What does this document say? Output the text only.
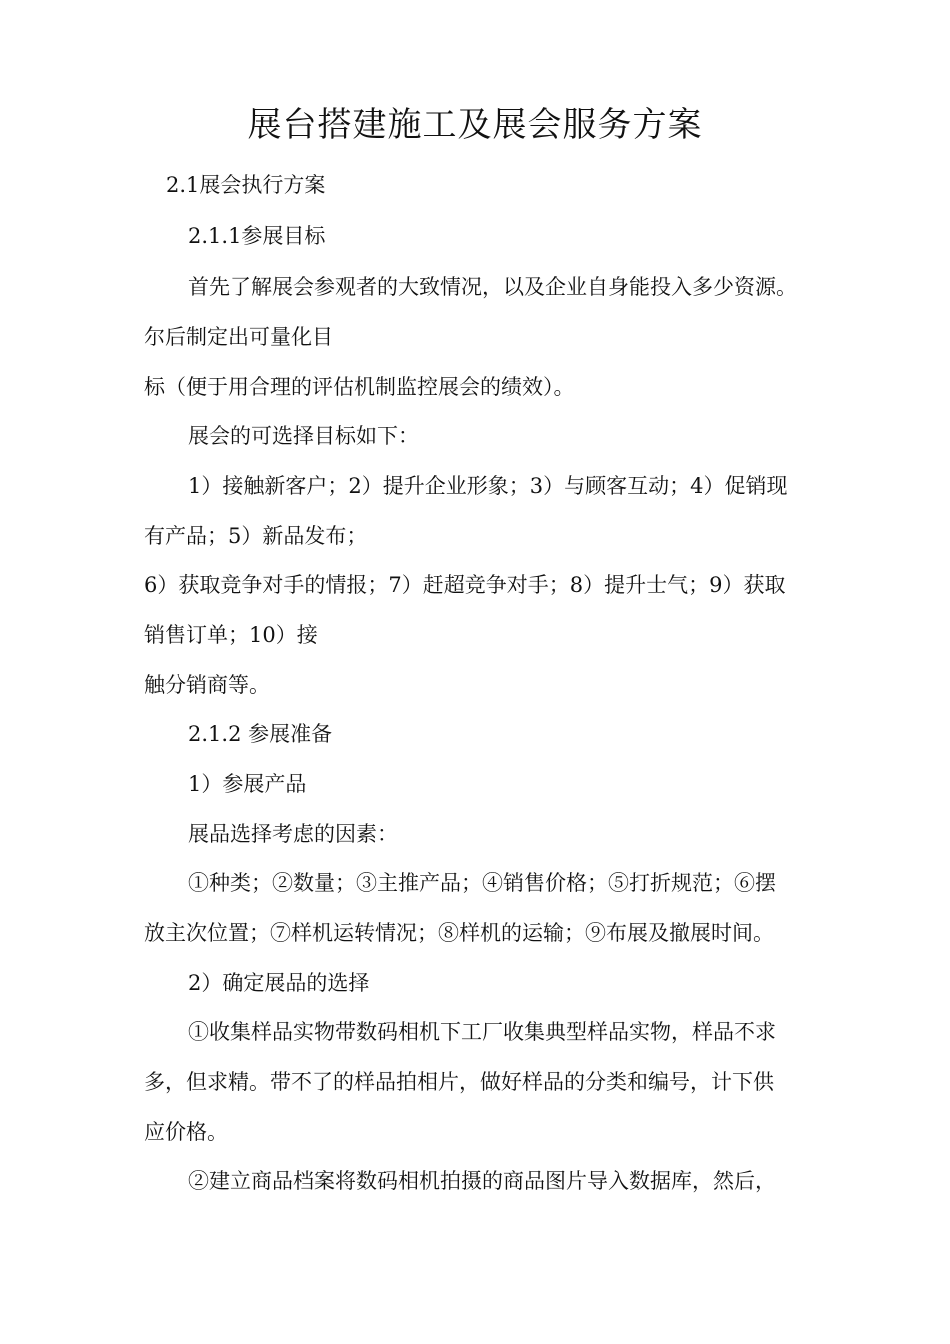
展台搭建施工及展会服务方案
2.1展会执行方案
2.1.1参展目标
首先了解展会参观者的大致情况，以及企业自身能投入多少资源。
尔后制定出可量化目
标（便于用合理的评估机制监控展会的绩效）。
展会的可选择目标如下：
1）接触新客户；2）提升企业形象；3）与顾客互动；4）促销现
有产品；5）新品发布；
6）获取竞争对手的情报；7）赶超竞争对手；8）提升士气；9）获取
销售订单；10）接
触分销商等。
2.1.2 参展准备
1）参展产品
展品选择考虑的因素：
①种类；②数量；③主推产品；④销售价格；⑤打折规范；⑥摆
放主次位置；⑦样机运转情况；⑧样机的运输；⑨布展及撤展时间。
2）确定展品的选择
①收集样品实物带数码相机下工厂收集典型样品实物，样品不求
多，但求精。带不了的样品拍相片，做好样品的分类和编号，计下供
应价格。
②建立商品档案将数码相机拍摄的商品图片导入数据库，然后，
